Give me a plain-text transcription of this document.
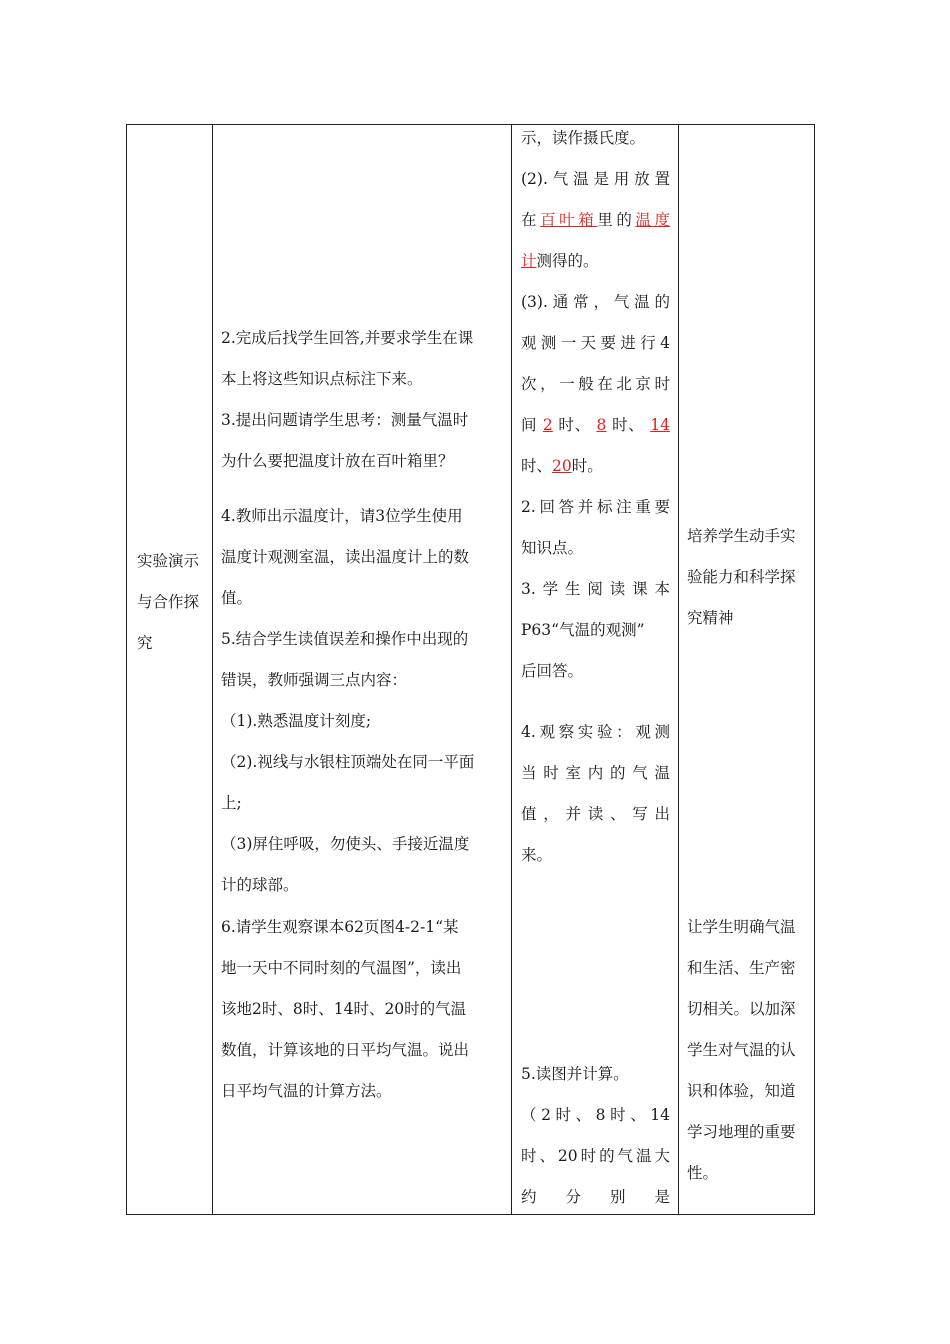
实验演示

与合作探

究

2.完成后找学生回答,并要求学生在课

本上将这些知识点标注下来。

3.提出问题请学生思考：测量气温时

为什么要把温度计放在百叶箱里？

4.教师出示温度计，请3位学生使用

温度计观测室温，读出温度计上的数

值。

5.结合学生读值误差和操作中出现的

错误，教师强调三点内容：

（1).熟悉温度计刻度;

（2).视线与水银柱顶端处在同一平面

上;

（3)屏住呼吸，勿使头、手接近温度

计的球部。

6.请学生观察课本62页图4-2-1“某

地一天中不同时刻的气温图”，读出

该地2时、8时、14时、20时的气温

数值，计算该地的日平均气温。说出

日平均气温的计算方法。

示，读作摄氏度。

(2).气温是用放置

在百叶箱里的温度

计测得的。

(3).通常，气温的

观测一天要进行4

次，一般在北京时

间 2 时、 8 时、 14

时、20时。

2.回答并标注重要

知识点。

3.学生阅读课本

P63“气温的观测”

后回答。

4.观察实验：观测

当时室内的气温

值，并读、写出

来。

5.读图并计算。

（2时、8时、14

时、20时的气温大

约分别是

培养学生动手实

验能力和科学探

究精神

让学生明确气温

和生活、生产密

切相关。以加深

学生对气温的认

识和体验，知道

学习地理的重要

性。
